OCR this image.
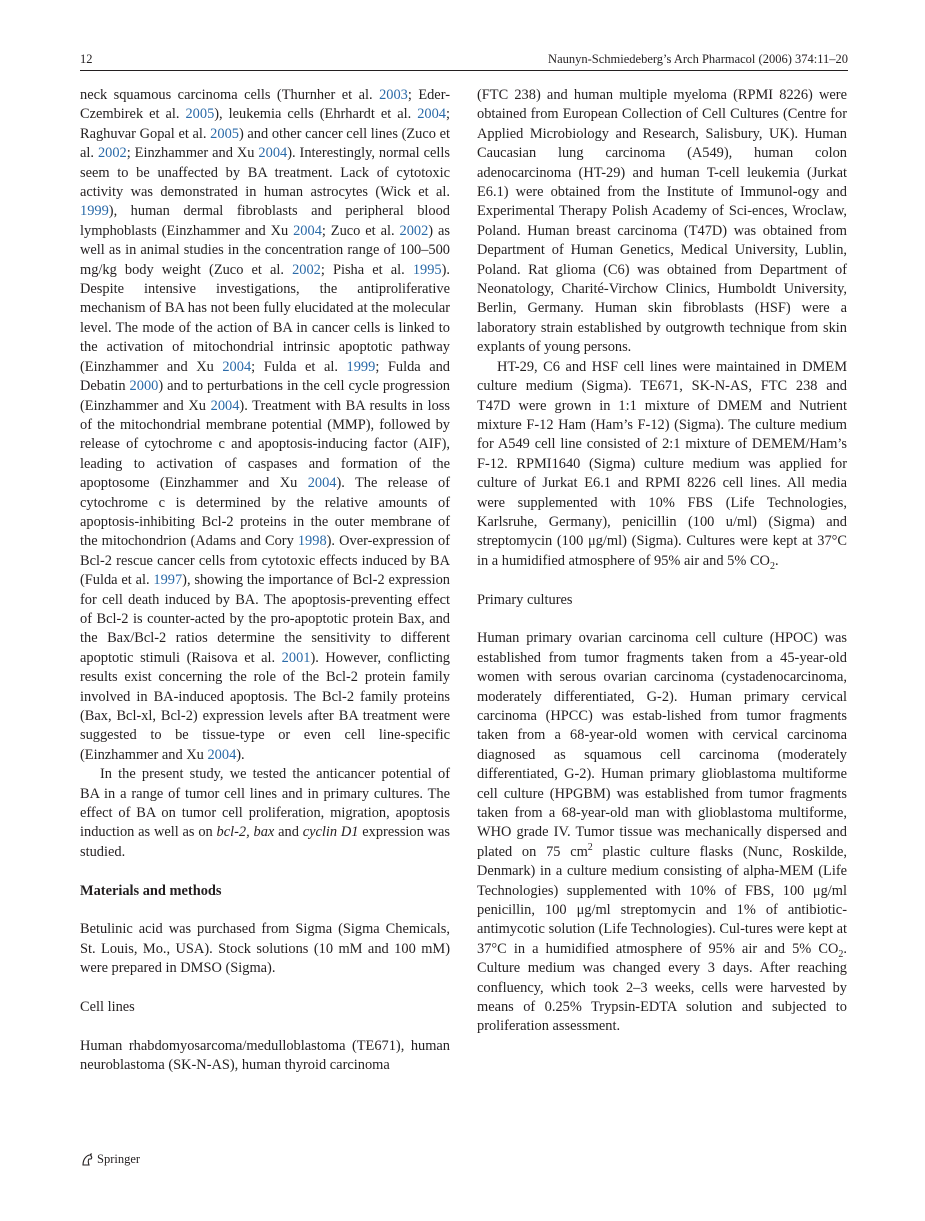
12	Naunyn-Schmiedeberg’s Arch Pharmacol (2006) 374:11–20

neck squamous carcinoma cells (Thurnher et al. 2003; Eder-Czembirek et al. 2005), leukemia cells (Ehrhardt et al. 2004; Raghuvar Gopal et al. 2005) and other cancer cell lines (Zuco et al. 2002; Einzhammer and Xu 2004). Interestingly, normal cells seem to be unaffected by BA treatment. Lack of cytotoxic activity was demonstrated in human astrocytes (Wick et al. 1999), human dermal fibroblasts and peripheral blood lymphoblasts (Einzhammer and Xu 2004; Zuco et al. 2002) as well as in animal studies in the concentration range of 100–500 mg/kg body weight (Zuco et al. 2002; Pisha et al. 1995). Despite intensive investigations, the antiproliferative mechanism of BA has not been fully elucidated at the molecular level. The mode of the action of BA in cancer cells is linked to the activation of mitochondrial intrinsic apoptotic pathway (Einzhammer and Xu 2004; Fulda et al. 1999; Fulda and Debatin 2000) and to perturbations in the cell cycle progression (Einzhammer and Xu 2004). Treatment with BA results in loss of the mitochondrial membrane potential (MMP), followed by release of cytochrome c and apoptosis-inducing factor (AIF), leading to activation of caspases and formation of the apoptosome (Einzhammer and Xu 2004). The release of cytochrome c is determined by the relative amounts of apoptosis-inhibiting Bcl-2 proteins in the outer membrane of the mitochondrion (Adams and Cory 1998). Over-expression of Bcl-2 rescue cancer cells from cytotoxic effects induced by BA (Fulda et al. 1997), showing the importance of Bcl-2 expression for cell death induced by BA. The apoptosis-preventing effect of Bcl-2 is counter-acted by the pro-apoptotic protein Bax, and the Bax/Bcl-2 ratios determine the sensitivity to different apoptotic stimuli (Raisova et al. 2001). However, conflicting results exist concerning the role of the Bcl-2 protein family involved in BA-induced apoptosis. The Bcl-2 family proteins (Bax, Bcl-xl, Bcl-2) expression levels after BA treatment were suggested to be tissue-type or even cell line-specific (Einzhammer and Xu 2004).

In the present study, we tested the anticancer potential of BA in a range of tumor cell lines and in primary cultures. The effect of BA on tumor cell proliferation, migration, apoptosis induction as well as on bcl-2, bax and cyclin D1 expression was studied.

Materials and methods

Betulinic acid was purchased from Sigma (Sigma Chemicals, St. Louis, Mo., USA). Stock solutions (10 mM and 100 mM) were prepared in DMSO (Sigma).

Cell lines

Human rhabdomyosarcoma/medulloblastoma (TE671), human neuroblastoma (SK-N-AS), human thyroid carcinoma

(FTC 238) and human multiple myeloma (RPMI 8226) were obtained from European Collection of Cell Cultures (Centre for Applied Microbiology and Research, Salisbury, UK). Human Caucasian lung carcinoma (A549), human colon adenocarcinoma (HT-29) and human T-cell leukemia (Jurkat E6.1) were obtained from the Institute of Immunol-ogy and Experimental Therapy Polish Academy of Sci-ences, Wroclaw, Poland. Human breast carcinoma (T47D) was obtained from Department of Human Genetics, Medical University, Lublin, Poland. Rat glioma (C6) was obtained from Department of Neonatology, Charité-Virchow Clinics, Humboldt University, Berlin, Germany. Human skin fibroblasts (HSF) were a laboratory strain established by outgrowth technique from skin explants of young persons.

HT-29, C6 and HSF cell lines were maintained in DMEM culture medium (Sigma). TE671, SK-N-AS, FTC 238 and T47D were grown in 1:1 mixture of DMEM and Nutrient mixture F-12 Ham (Ham’s F-12) (Sigma). The culture medium for A549 cell line consisted of 2:1 mixture of DEMEM/Ham’s F-12. RPMI1640 (Sigma) culture medium was applied for culture of Jurkat E6.1 and RPMI 8226 cell lines. All media were supplemented with 10% FBS (Life Technologies, Karlsruhe, Germany), penicillin (100 u/ml) (Sigma) and streptomycin (100 μg/ml) (Sigma). Cultures were kept at 37°C in a humidified atmosphere of 95% air and 5% $CO_2$.

Primary cultures

Human primary ovarian carcinoma cell culture (HPOC) was established from tumor fragments taken from a 45-year-old women with serous ovarian carcinoma (cystadenocarcinoma, moderately differentiated, G-2). Human primary cervical carcinoma (HPCC) was estab-lished from tumor fragments taken from a 68-year-old women with cervical carcinoma diagnosed as squamous cell carcinoma (moderately differentiated, G-2). Human primary glioblastoma multiforme cell culture (HPGBM) was established from tumor fragments taken from a 68-year-old man with glioblastoma multiforme, WHO grade IV. Tumor tissue was mechanically dispersed and plated on 75 $cm^2$ plastic culture flasks (Nunc, Roskilde, Denmark) in a culture medium consisting of alpha-MEM (Life Technologies) supplemented with 10% of FBS, 100 μg/ml penicillin, 100 μg/ml streptomycin and 1% of antibiotic-antimycotic solution (Life Technologies). Cul-tures were kept at 37°C in a humidified atmosphere of 95% air and 5% $CO_2$. Culture medium was changed every 3 days. After reaching confluency, which took 2–3 weeks, cells were harvested by means of 0.25% Trypsin-EDTA solution and subjected to proliferation assessment.

Springer
